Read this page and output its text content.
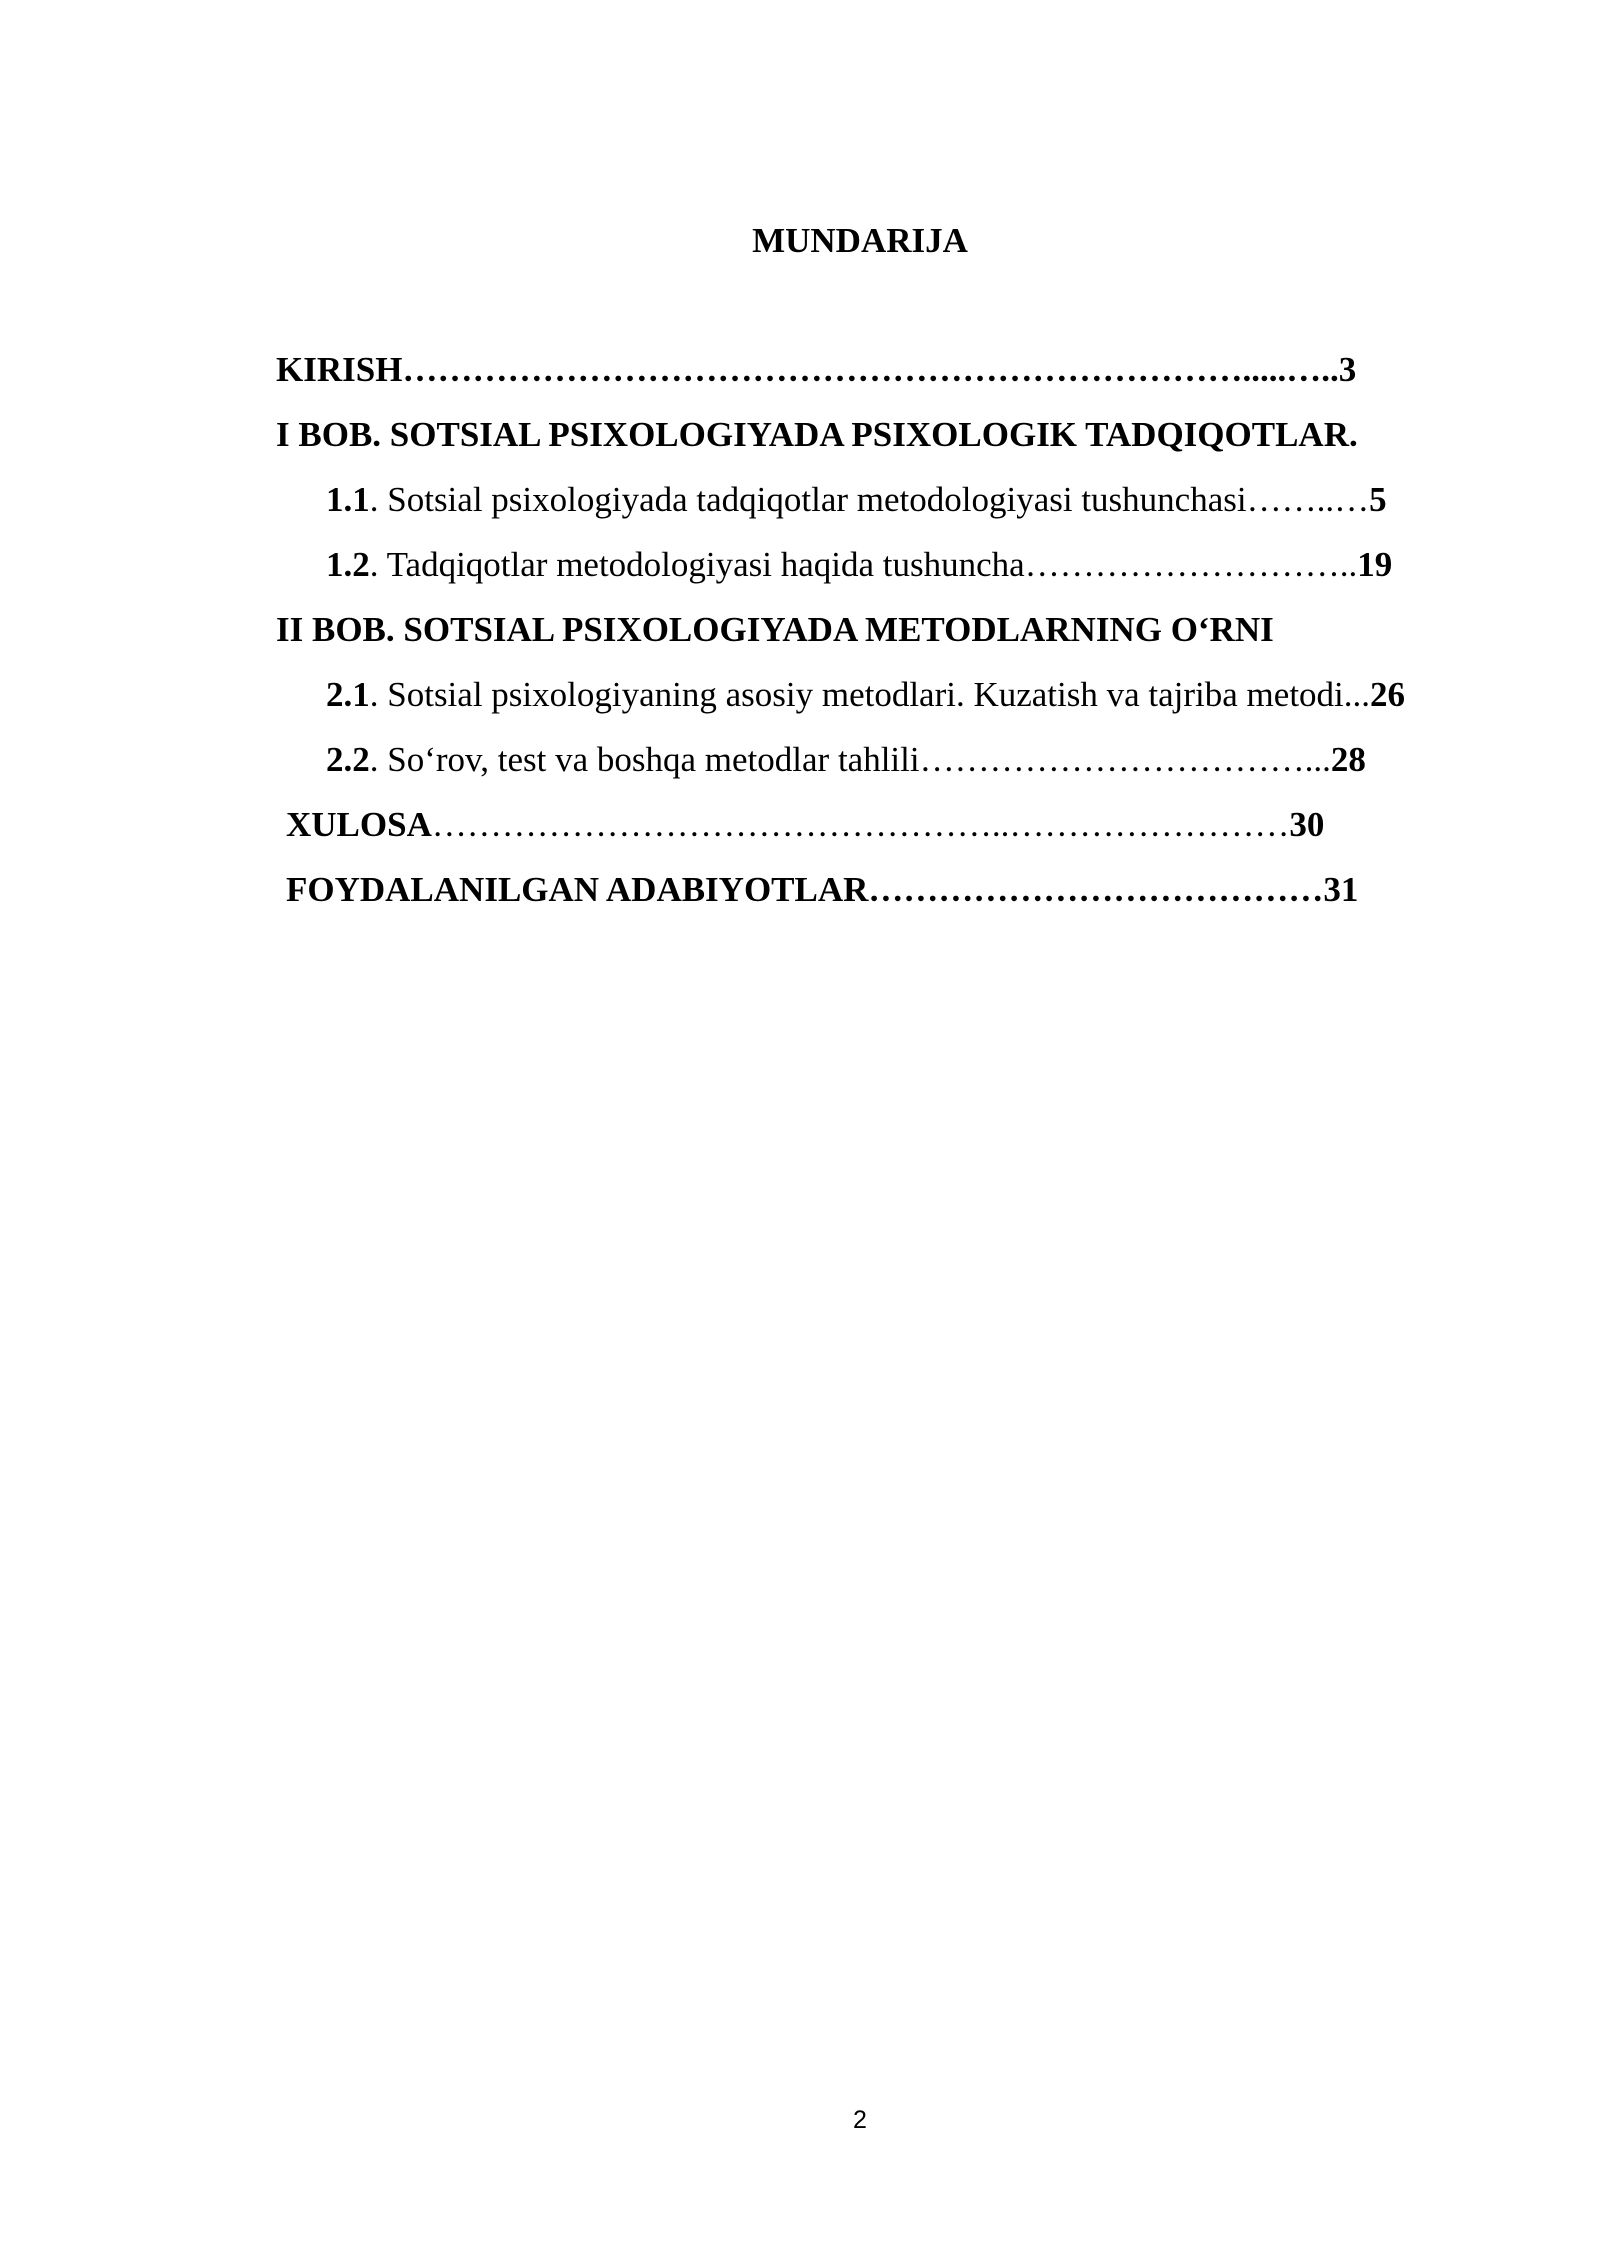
MUNDARIJA
KIRISH……………………………………………………………….....…..3
I BOB. SOTSIAL PSIXOLOGIYADA PSIXOLOGIK TADQIQOTLAR.
1.1. Sotsial psixologiyada tadqiqotlar metodologiyasi tushunchasi……..…5
1.2. Tadqiqotlar metodologiyasi haqida tushuncha………………………..19
II BOB. SOTSIAL PSIXOLOGIYADA METODLARNING O‘RNI
2.1. Sotsial psixologiyaning asosiy metodlari. Kuzatish va tajriba metodi...26
2.2. So‘rov, test va boshqa metodlar tahlili……………………………...28
XULOSA…………………………………………..……………………30
FOYDALANILGAN ADABIYOTLAR…………………………………31
2
